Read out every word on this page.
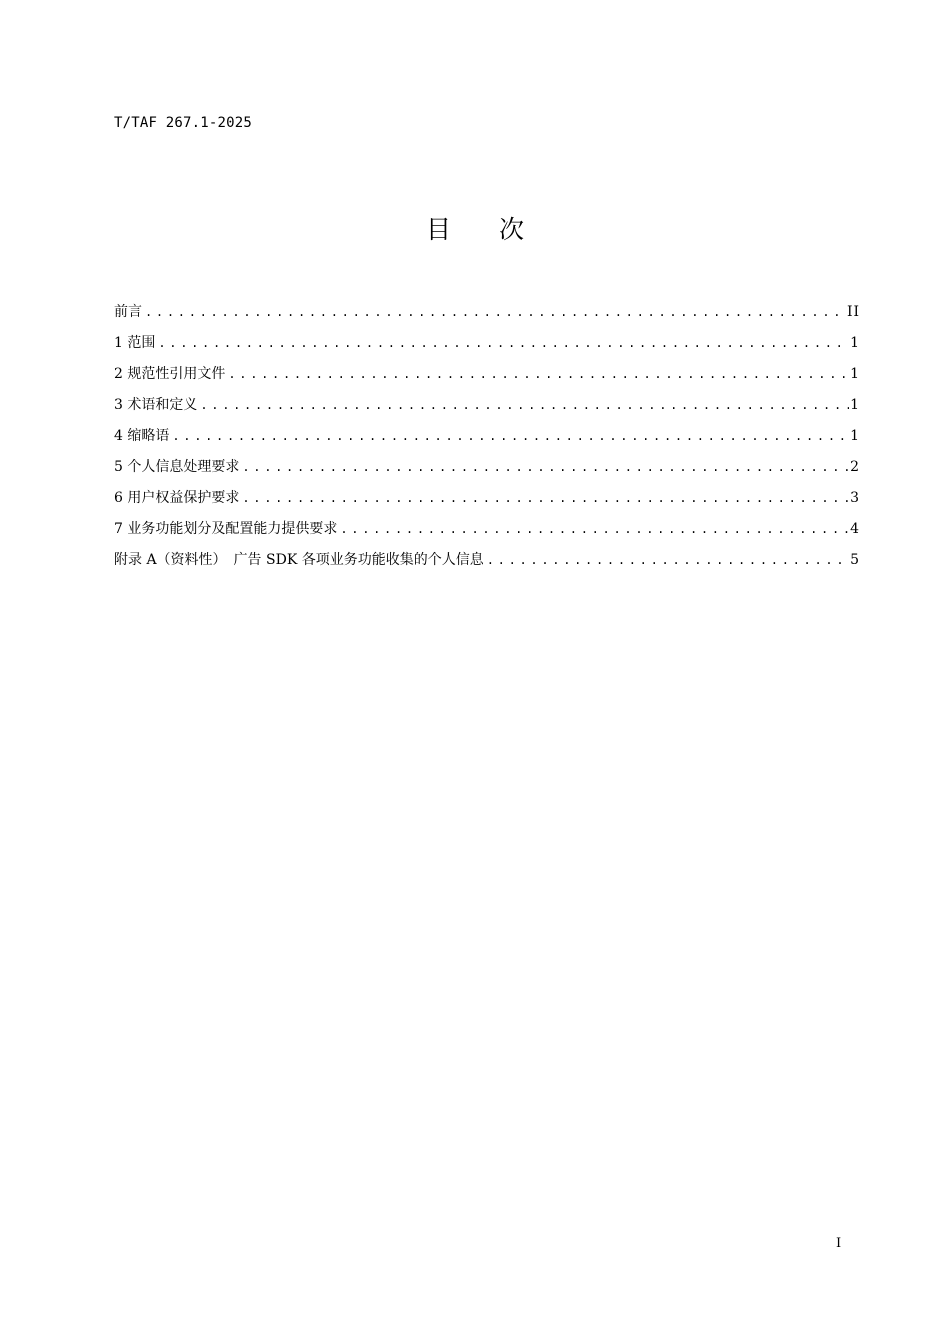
T/TAF 267.1-2025
目次
前言 .....	II
1 范围 .....	1
2 规范性引用文件 .....	1
3 术语和定义 .....	1
4 缩略语 .....	1
5 个人信息处理要求 .....	2
6 用户权益保护要求 .....	3
7 业务功能划分及配置能力提供要求 .....	4
附录 A（资料性）　广告 SDK 各项业务功能收集的个人信息 .....	5
I
